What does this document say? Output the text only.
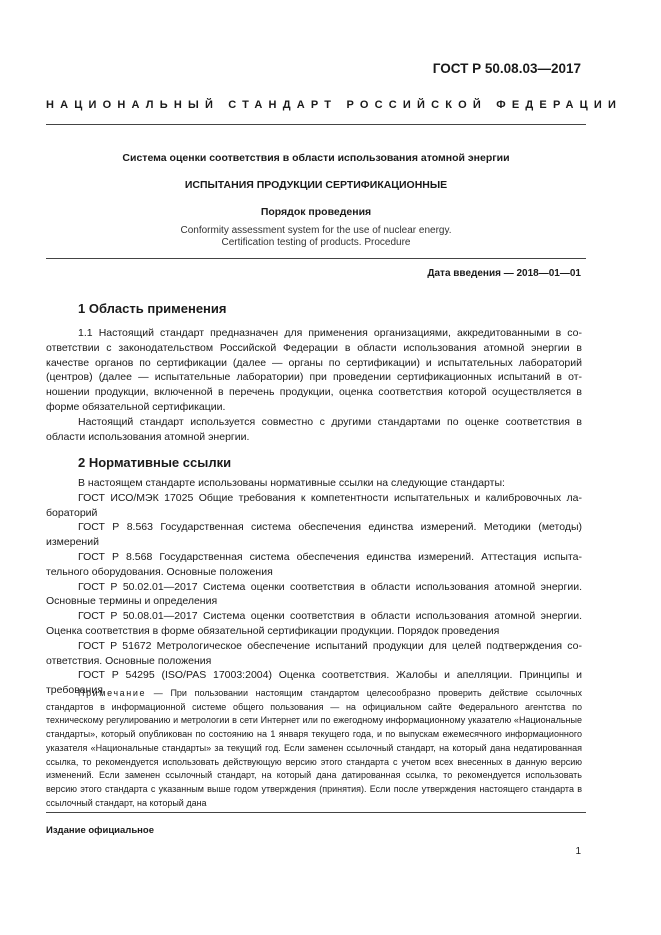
ГОСТ Р 50.08.03—2017
НАЦИОНАЛЬНЫЙ СТАНДАРТ РОССИЙСКОЙ ФЕДЕРАЦИИ
Система оценки соответствия в области использования атомной энергии
ИСПЫТАНИЯ ПРОДУКЦИИ СЕРТИФИКАЦИОННЫЕ
Порядок проведения
Conformity assessment system for the use of nuclear energy.
Certification testing of products. Procedure
Дата введения — 2018—01—01
1 Область применения

1.1 Настоящий стандарт предназначен для применения организациями, аккредитованными в соответствии с законодательством Российской Федерации в области использования атомной энергии в качестве органов по сертификации (далее — органы по сертификации) и испытательных лабораторий (центров) (далее — испытательные лаборатории) при проведении сертификационных испытаний в отношении продукции, включенной в перечень продукции, оценка соответствия которой осуществляется в форме обязательной сертификации.

Настоящий стандарт используется совместно с другими стандартами по оценке соответствия в области использования атомной энергии.

2 Нормативные ссылки

В настоящем стандарте использованы нормативные ссылки на следующие стандарты:

ГОСТ ИСО/МЭК 17025 Общие требования к компетентности испытательных и калибровочных лабораторий

ГОСТ Р 8.563 Государственная система обеспечения единства измерений. Методики (методы) измерений

ГОСТ Р 8.568 Государственная система обеспечения единства измерений. Аттестация испытательного оборудования. Основные положения

ГОСТ Р 50.02.01—2017 Система оценки соответствия в области использования атомной энергии. Основные термины и определения

ГОСТ Р 50.08.01—2017 Система оценки соответствия в области использования атомной энергии. Оценка соответствия в форме обязательной сертификации продукции. Порядок проведения

ГОСТ Р 51672 Метрологическое обеспечение испытаний продукции для целей подтверждения соответствия. Основные положения

ГОСТ Р 54295 (ISO/PAS 17003:2004) Оценка соответствия. Жалобы и апелляции. Принципы и требования

Примечание — При пользовании настоящим стандартом целесообразно проверить действие ссылочных стандартов в информационной системе общего пользования — на официальном сайте Федерального агентства по техническому регулированию и метрологии в сети Интернет или по ежегодному информационному указателю «Национальные стандарты», который опубликован по состоянию на 1 января текущего года, и по выпускам ежемесячного информационного указателя «Национальные стандарты» за текущий год. Если заменен ссылочный стандарт, на который дана недатированная ссылка, то рекомендуется использовать действующую версию этого стандарта с учетом всех внесенных в данную версию изменений. Если заменен ссылочный стандарт, на который дана датированная ссылка, то рекомендуется использовать версию этого стандарта с указанным выше годом утверждения (принятия). Если после утверждения настоящего стандарта в ссылочный стандарт, на который дана

Издание официальное
1
